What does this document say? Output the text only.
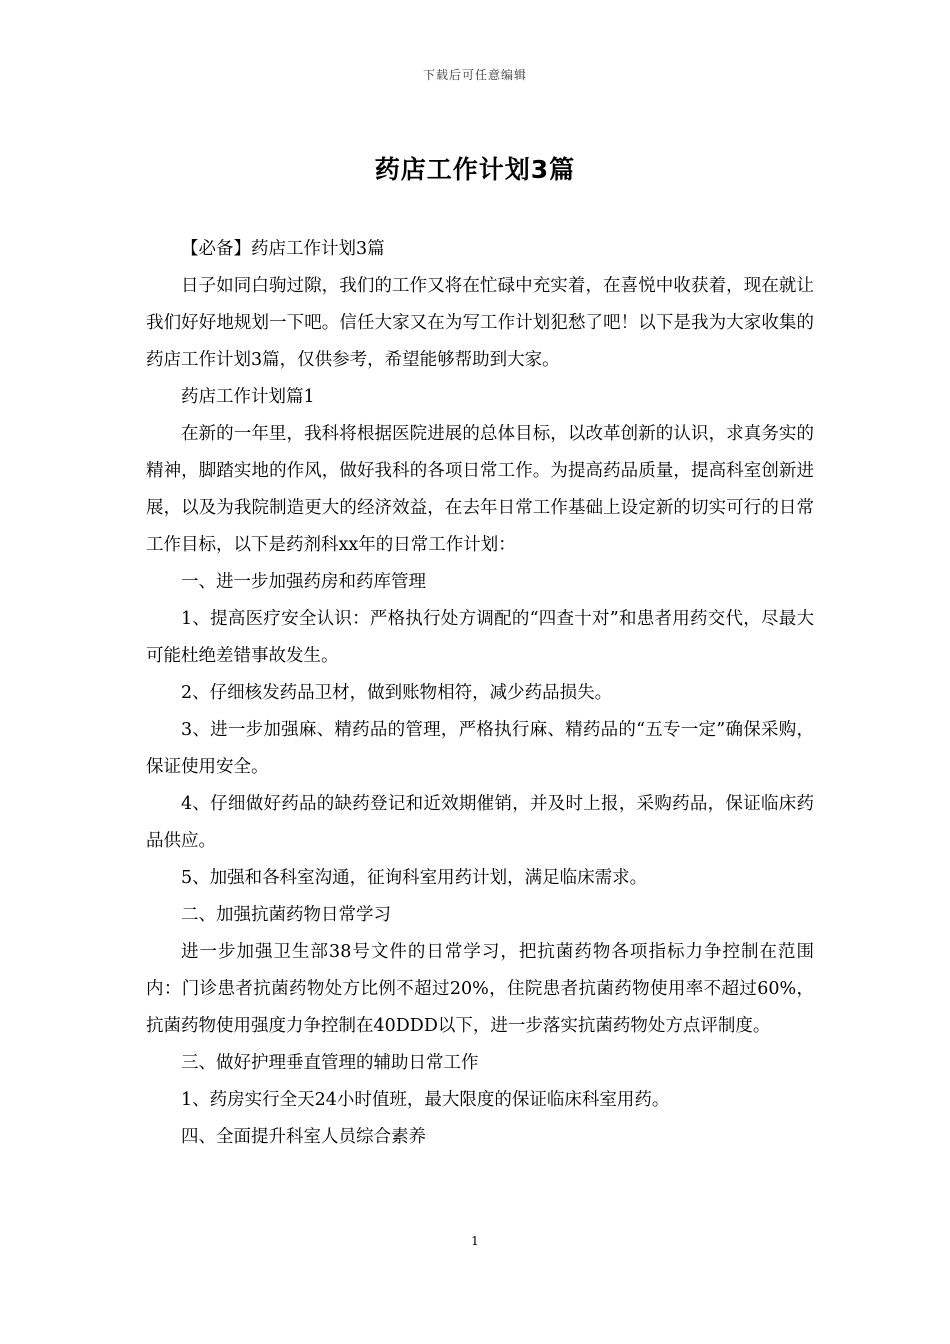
下载后可任意编辑
药店工作计划3篇

【必备】药店工作计划3篇

日子如同白驹过隙，我们的工作又将在忙碌中充实着，在喜悦中收获着，现在就让我们好好地规划一下吧。信任大家又在为写工作计划犯愁了吧！以下是我为大家收集的药店工作计划3篇，仅供参考，希望能够帮助到大家。

药店工作计划篇1

在新的一年里，我科将根据医院进展的总体目标，以改革创新的认识，求真务实的精神，脚踏实地的作风，做好我科的各项日常工作。为提高药品质量，提高科室创新进展，以及为我院制造更大的经济效益，在去年日常工作基础上设定新的切实可行的日常工作目标，以下是药剂科xx年的日常工作计划：

一、进一步加强药房和药库管理

1、提高医疗安全认识：严格执行处方调配的“四查十对”和患者用药交代，尽最大可能杜绝差错事故发生。

2、仔细核发药品卫材，做到账物相符，减少药品损失。

3、进一步加强麻、精药品的管理，严格执行麻、精药品的“五专一定”确保采购，保证使用安全。

4、仔细做好药品的缺药登记和近效期催销，并及时上报，采购药品，保证临床药品供应。

5、加强和各科室沟通，征询科室用药计划，满足临床需求。

二、加强抗菌药物日常学习

进一步加强卫生部38号文件的日常学习，把抗菌药物各项指标力争控制在范围内：门诊患者抗菌药物处方比例不超过20%，住院患者抗菌药物使用率不超过60%，抗菌药物使用强度力争控制在40DDD以下，进一步落实抗菌药物处方点评制度。

三、做好护理垂直管理的辅助日常工作

1、药房实行全天24小时值班，最大限度的保证临床科室用药。

四、全面提升科室人员综合素养

1
